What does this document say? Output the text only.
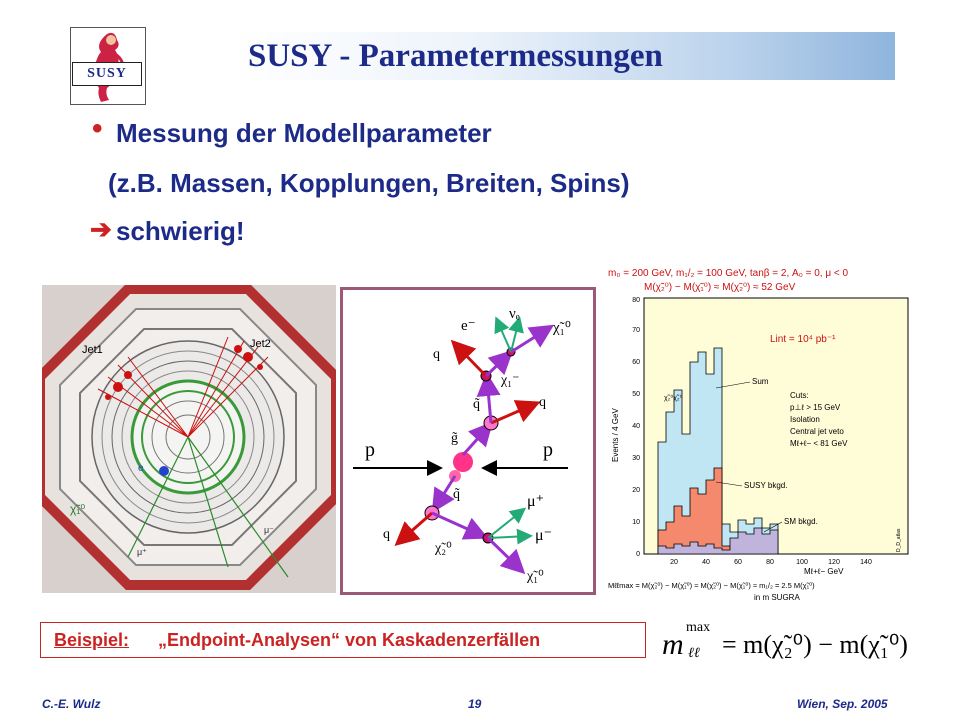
SUSY	SUSY - Parametermessungen
• Messung der Modellparameter
(z.B. Massen, Kopplungen, Breiten, Spins)
➔ schwierig!
Jet1	Jet2
χ̃₁⁰
μ⁺
μ⁻
e
e⁻
νₑ
χ̃₁⁰
q
χ₁⁻
q̃	q
g̃
p	p
q̃	μ⁺
q	μ⁻
χ̃₂⁰
χ̃₁⁰
m₀ = 200 GeV, m₁/₂ = 100 GeV, tanβ = 2, A₀ = 0, μ < 0
M(χ̃₂⁰) − M(χ̃₁⁰) ≈ M(χ̃₂⁰) ≈ 52 GeV
0
10
20
30
40
50
60
70
80
Events / 4 GeV
Lint = 10⁴ pb⁻¹
Sum
χ̃₂⁰χ̃₂⁰
SUSY bkgd.
SM bkgd.
Cuts:
p⊥ℓ > 15 GeV
Isolation
Central jet veto
Mℓ+ℓ− < 81 GeV
20	40	60	80	100	120	140
Mℓ+ℓ− GeV
D_D_atlas
Mℓℓmax = M(χ̃₂⁰) − M(χ̃₁⁰) ≈ M(χ̃₂⁰) − M(χ̃₁⁰) ≈ m₁/₂ = 2.5 M(χ̃₁⁰)
in m SUGRA
Beispiel: „Endpoint-Analysen“ von Kaskadenzerfällen	m
max
ℓℓ = m(χ̃₂⁰) − m(χ̃₁⁰)
C.-E. Wulz	19	Wien, Sep. 2005
